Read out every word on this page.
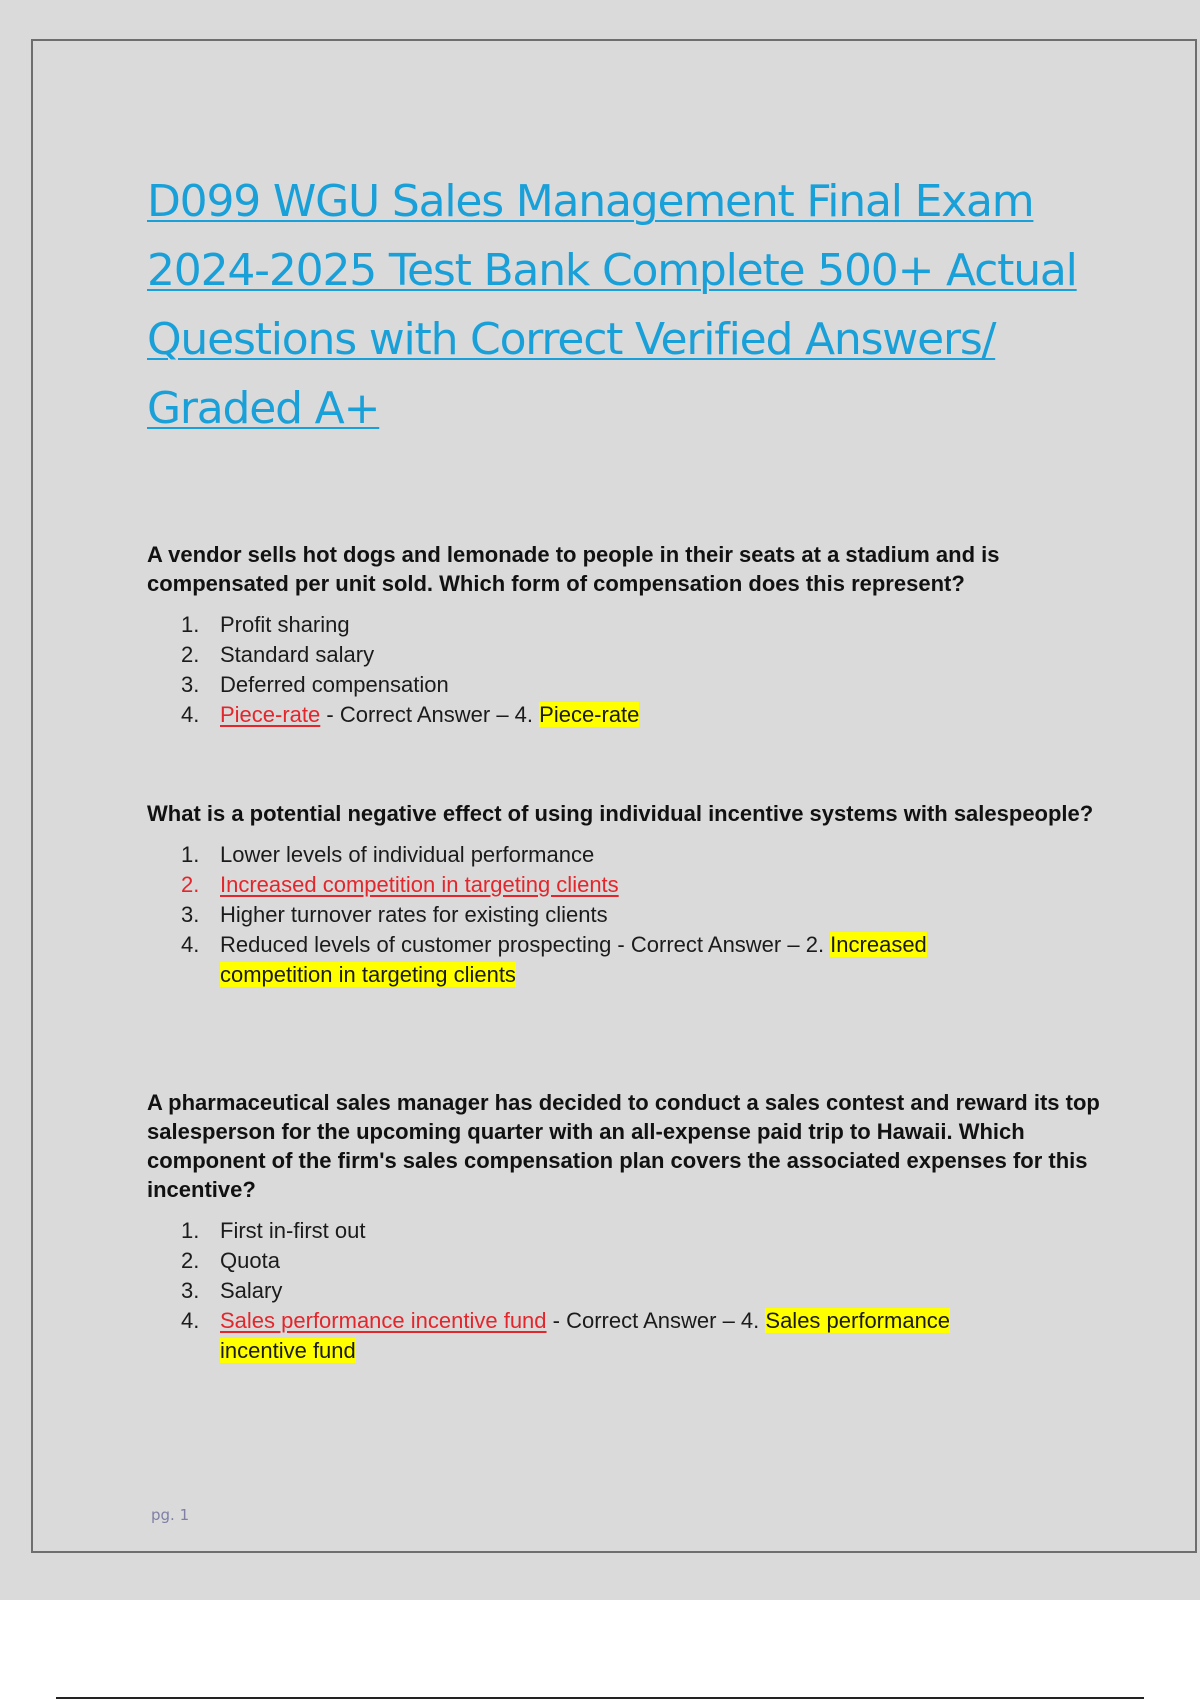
D099 WGU Sales Management Final Exam
2024-2025 Test Bank Complete 500+ Actual
Questions with Correct Verified Answers/
Graded A+

A vendor sells hot dogs and lemonade to people in their seats at a stadium and is compensated per unit sold. Which form of compensation does this represent?

1. Profit sharing
2. Standard salary
3. Deferred compensation
4. Piece-rate - Correct Answer – 4. Piece-rate

What is a potential negative effect of using individual incentive systems with salespeople?

1. Lower levels of individual performance
2. Increased competition in targeting clients
3. Higher turnover rates for existing clients
4. Reduced levels of customer prospecting - Correct Answer – 2. Increased
competition in targeting clients

A pharmaceutical sales manager has decided to conduct a sales contest and reward its top salesperson for the upcoming quarter with an all-expense paid trip to Hawaii. Which component of the firm's sales compensation plan covers the associated expenses for this incentive?

1. First in-first out
2. Quota
3. Salary
4. Sales performance incentive fund - Correct Answer – 4. Sales performance
incentive fund
pg. 1
